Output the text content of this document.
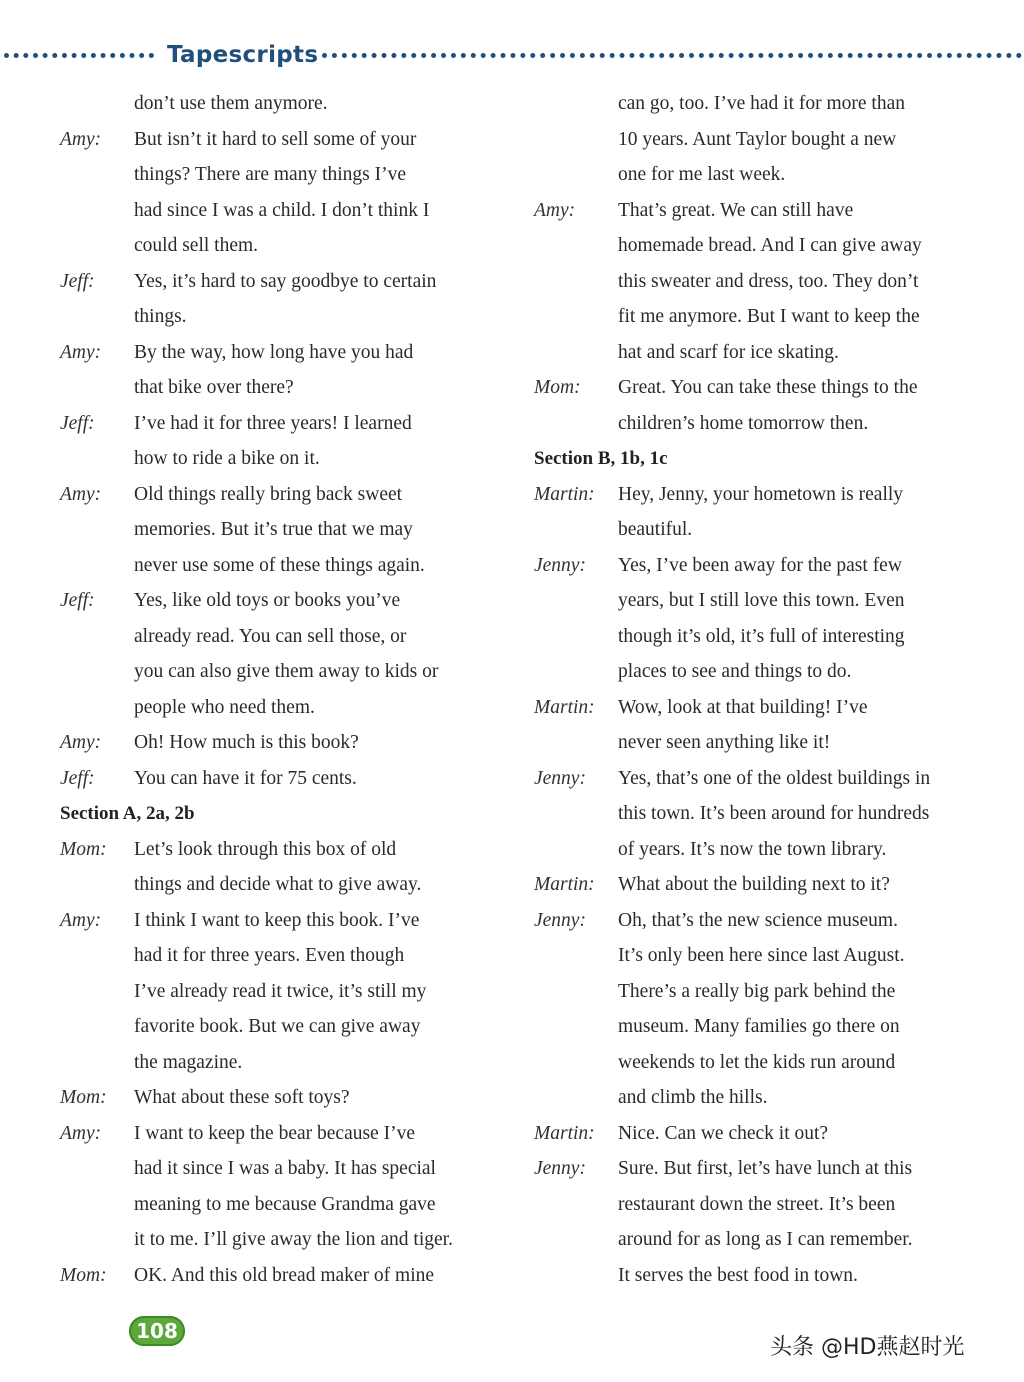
Tapescripts
don’t use them anymore.
Amy: But isn’t it hard to sell some of your
things? There are many things I’ve
had since I was a child. I don’t think I
could sell them.
Jeff: Yes, it’s hard to say goodbye to certain
things.
Amy: By the way, how long have you had
that bike over there?
Jeff: I’ve had it for three years! I learned
how to ride a bike on it.
Amy: Old things really bring back sweet
memories. But it’s true that we may
never use some of these things again.
Jeff: Yes, like old toys or books you’ve
already read. You can sell those, or
you can also give them away to kids or
people who need them.
Amy: Oh! How much is this book?
Jeff: You can have it for 75 cents.
Section A, 2a, 2b
Mom: Let’s look through this box of old
things and decide what to give away.
Amy: I think I want to keep this book. I’ve
had it for three years. Even though
I’ve already read it twice, it’s still my
favorite book. But we can give away
the magazine.
Mom: What about these soft toys?
Amy: I want to keep the bear because I’ve
had it since I was a baby. It has special
meaning to me because Grandma gave
it to me. I’ll give away the lion and tiger.
Mom: OK. And this old bread maker of mine
can go, too. I’ve had it for more than
10 years. Aunt Taylor bought a new
one for me last week.
Amy: That’s great. We can still have
homemade bread. And I can give away
this sweater and dress, too. They don’t
fit me anymore. But I want to keep the
hat and scarf for ice skating.
Mom: Great. You can take these things to the
children’s home tomorrow then.
Section B, 1b, 1c
Martin: Hey, Jenny, your hometown is really
beautiful.
Jenny: Yes, I’ve been away for the past few
years, but I still love this town. Even
though it’s old, it’s full of interesting
places to see and things to do.
Martin: Wow, look at that building! I’ve
never seen anything like it!
Jenny: Yes, that’s one of the oldest buildings in
this town. It’s been around for hundreds
of years. It’s now the town library.
Martin: What about the building next to it?
Jenny: Oh, that’s the new science museum.
It’s only been here since last August.
There’s a really big park behind the
museum. Many families go there on
weekends to let the kids run around
and climb the hills.
Martin: Nice. Can we check it out?
Jenny: Sure. But first, let’s have lunch at this
restaurant down the street. It’s been
around for as long as I can remember.
It serves the best food in town.
108
头条 @HD燕赵时光
